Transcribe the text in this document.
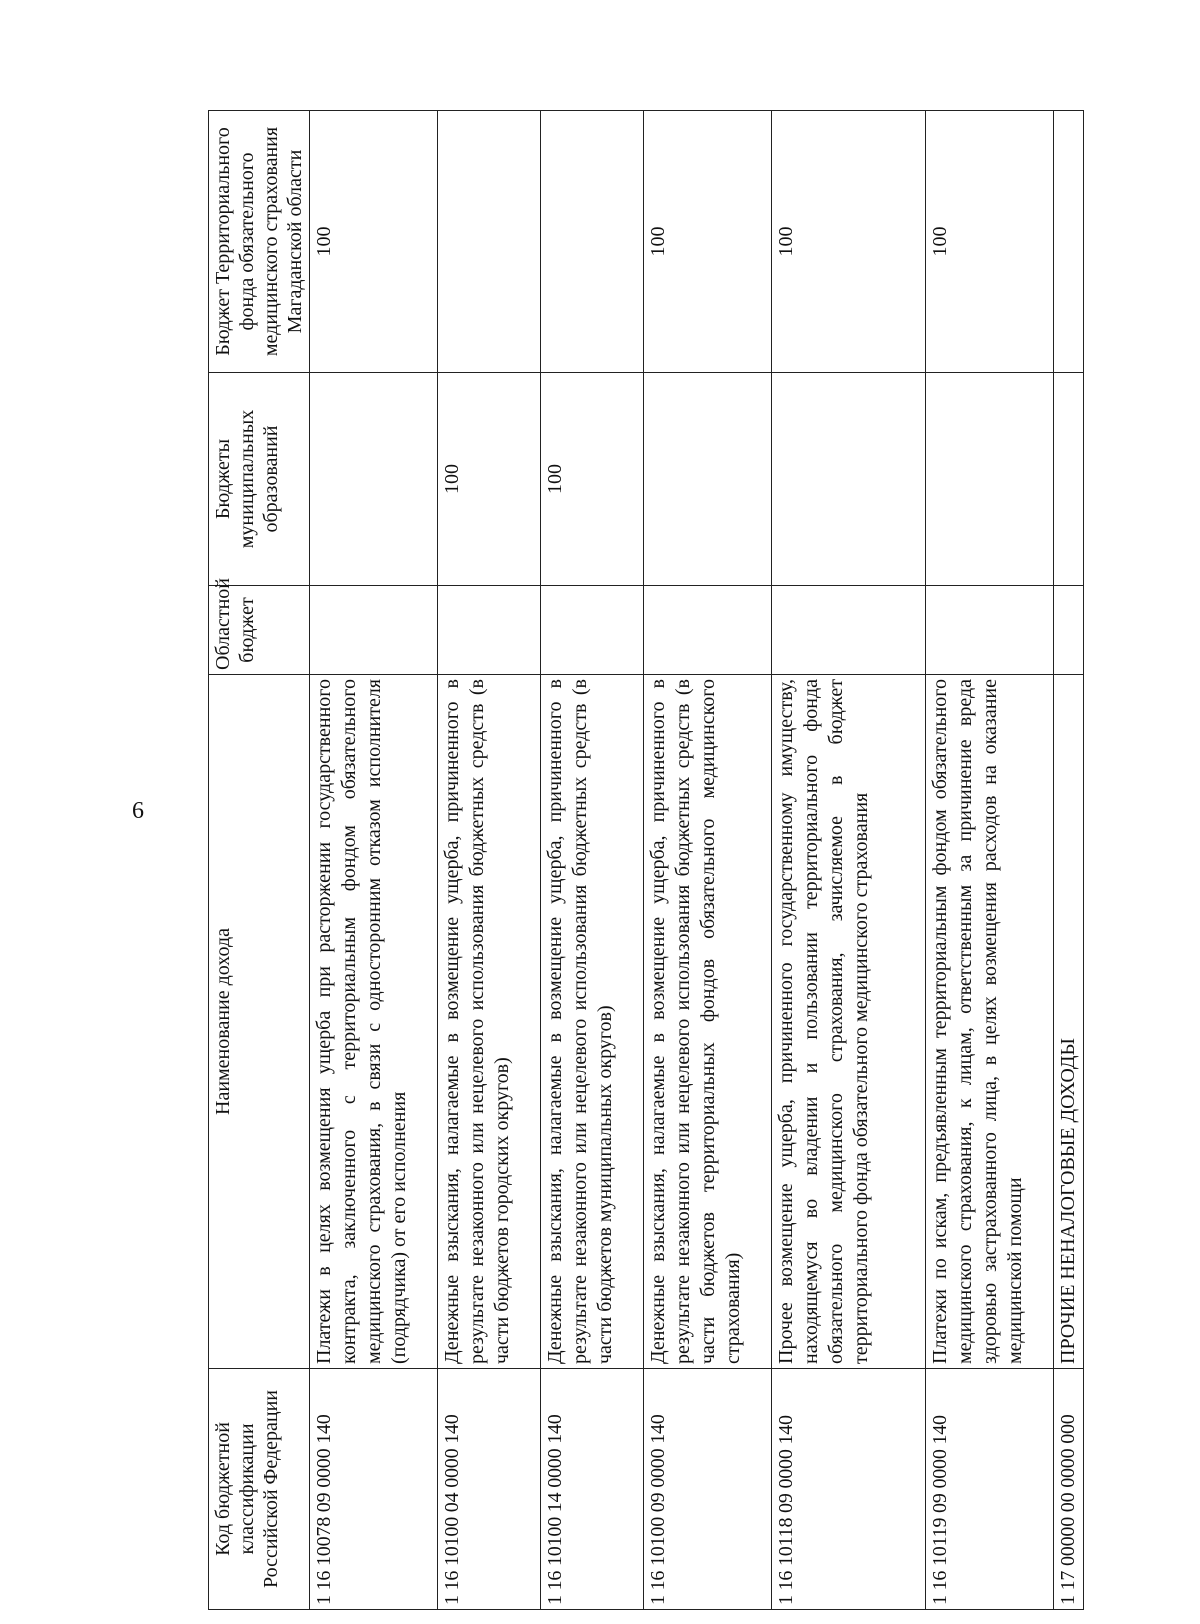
6
Код бюджетной классификации Российской Федерации	Наименование дохода	Областной бюджет	Бюджеты муниципальных образований	Бюджет Территориального фонда обязательного медицинского страхования Магаданской области
1 16 10078 09 0000 140	Платежи в целях возмещения ущерба при расторжении государственного контракта, заключенного с территориальным фондом обязательного медицинского страхования, в связи с односторонним отказом исполнителя (подрядчика) от его исполнения			100
1 16 10100 04 0000 140	Денежные взыскания, налагаемые в возмещение ущерба, причиненного в результате незаконного или нецелевого использования бюджетных средств (в части бюджетов городских округов)		100	
1 16 10100 14 0000 140	Денежные взыскания, налагаемые в возмещение ущерба, причиненного в результате незаконного или нецелевого использования бюджетных средств (в части бюджетов муниципальных округов)		100	
1 16 10100 09 0000 140	Денежные взыскания, налагаемые в возмещение ущерба, причиненного в результате незаконного или нецелевого использования бюджетных средств (в части бюджетов территориальных фондов обязательного медицинского страхования)			100
1 16 10118 09 0000 140	Прочее возмещение ущерба, причиненного государственному имуществу, находящемуся во владении и пользовании территориального фонда обязательного медицинского страхования, зачисляемое в бюджет территориального фонда обязательного медицинского страхования			100
1 16 10119 09 0000 140	Платежи по искам, предъявленным территориальным фондом обязательного медицинского страхования, к лицам, ответственным за причинение вреда здоровью застрахованного лица, в целях возмещения расходов на оказание медицинской помощи			100
1 17 00000 00 0000 000	ПРОЧИЕ НЕНАЛОГОВЫЕ ДОХОДЫ			
